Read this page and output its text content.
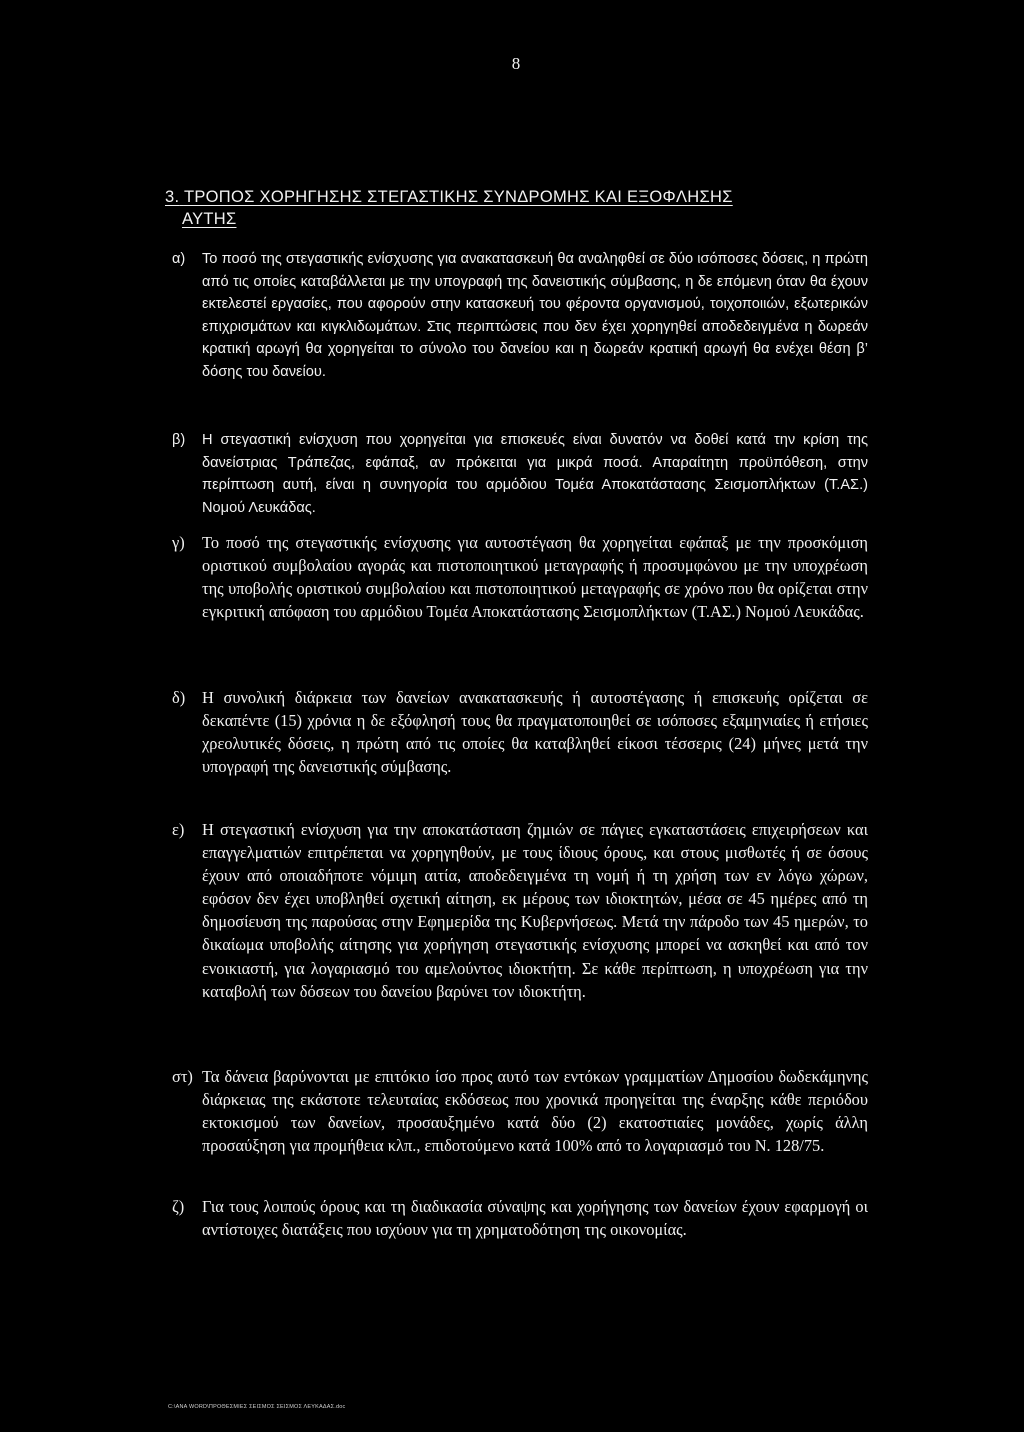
8
3. ΤΡΟΠΟΣ ΧΟΡΗΓΗΣΗΣ ΣΤΕΓΑΣΤΙΚΗΣ ΣΥΝΔΡΟΜΗΣ ΚΑΙ ΕΞΟΦΛΗΣΗΣ
ΑΥΤΗΣ
α) Το ποσό της στεγαστικής ενίσχυσης για ανακατασκευή θα αναληφθεί σε δύο ισόποσες δόσεις, η πρώτη από τις οποίες καταβάλλεται με την υπογραφή της δανειστικής σύμβασης, η δε επόμενη όταν θα έχουν εκτελεστεί εργασίες, που αφορούν στην κατασκευή του φέροντα οργανισμού, τοιχοποιιών, εξωτερικών επιχρισμάτων και κιγκλιδωμάτων. Στις περιπτώσεις που δεν έχει χορηγηθεί αποδεδειγμένα η δωρεάν κρατική αρωγή θα χορηγείται το σύνολο του δανείου και η δωρεάν κρατική αρωγή θα ενέχει θέση β’ δόσης του δανείου.
β) Η στεγαστική ενίσχυση που χορηγείται για επισκευές είναι δυνατόν να δοθεί κατά την κρίση της δανείστριας Τράπεζας, εφάπαξ, αν πρόκειται για μικρά ποσά. Απαραίτητη προϋπόθεση, στην περίπτωση αυτή, είναι η συνηγορία του αρμόδιου Τομέα Αποκατάστασης Σεισμοπλήκτων (Τ.ΑΣ.) Νομού Λευκάδας.
γ) Το ποσό της στεγαστικής ενίσχυσης για αυτοστέγαση θα χορηγείται εφάπαξ με την προσκόμιση οριστικού συμβολαίου αγοράς και πιστοποιητικού μεταγραφής ή προσυμφώνου με την υποχρέωση της υποβολής οριστικού συμβολαίου και πιστοποιητικού μεταγραφής σε χρόνο που θα ορίζεται στην εγκριτική απόφαση του αρμόδιου Τομέα Αποκατάστασης Σεισμοπλήκτων (Τ.ΑΣ.) Νομού Λευκάδας.
δ) Η συνολική διάρκεια των δανείων ανακατασκευής ή αυτοστέγασης ή επισκευής ορίζεται σε δεκαπέντε (15) χρόνια η δε εξόφλησή τους θα πραγματοποιηθεί σε ισόποσες εξαμηνιαίες ή ετήσιες χρεολυτικές δόσεις, η πρώτη από τις οποίες θα καταβληθεί είκοσι τέσσερις (24) μήνες μετά την υπογραφή της δανειστικής σύμβασης.
ε) Η στεγαστική ενίσχυση για την αποκατάσταση ζημιών σε πάγιες εγκαταστάσεις επιχειρήσεων και επαγγελματιών επιτρέπεται να χορηγηθούν, με τους ίδιους όρους, και στους μισθωτές ή σε όσους έχουν από οποιαδήποτε νόμιμη αιτία, αποδεδειγμένα τη νομή ή τη χρήση των εν λόγω χώρων, εφόσον δεν έχει υποβληθεί σχετική αίτηση, εκ μέρους των ιδιοκτητών, μέσα σε 45 ημέρες από τη δημοσίευση της παρούσας στην Εφημερίδα της Κυβερνήσεως. Μετά την πάροδο των 45 ημερών, το δικαίωμα υποβολής αίτησης για χορήγηση στεγαστικής ενίσχυσης μπορεί να ασκηθεί και από τον ενοικιαστή, για λογαριασμό του αμελούντος ιδιοκτήτη. Σε κάθε περίπτωση, η υποχρέωση για την καταβολή των δόσεων του δανείου βαρύνει τον ιδιοκτήτη.
στ) Τα δάνεια βαρύνονται με επιτόκιο ίσο προς αυτό των εντόκων γραμματίων Δημοσίου δωδεκάμηνης διάρκειας της εκάστοτε τελευταίας εκδόσεως που χρονικά προηγείται της έναρξης κάθε περιόδου εκτοκισμού των δανείων, προσαυξημένο κατά δύο (2) εκατοστιαίες μονάδες, χωρίς άλλη προσαύξηση για προμήθεια κλπ., επιδοτούμενο κατά 100% από το λογαριασμό του Ν. 128/75.
ζ) Για τους λοιπούς όρους και τη διαδικασία σύναψης και χορήγησης των δανείων έχουν εφαρμογή οι αντίστοιχες διατάξεις που ισχύουν για τη χρηματοδότηση της οικονομίας.
C:\ANA WORD\ΠΡΟΘΕΣΜΙΕΣ ΣΕΙΣΜΟΣ ΣΕΙΣΜΟΣ ΛΕΥΚΑΔΑΣ.doc
